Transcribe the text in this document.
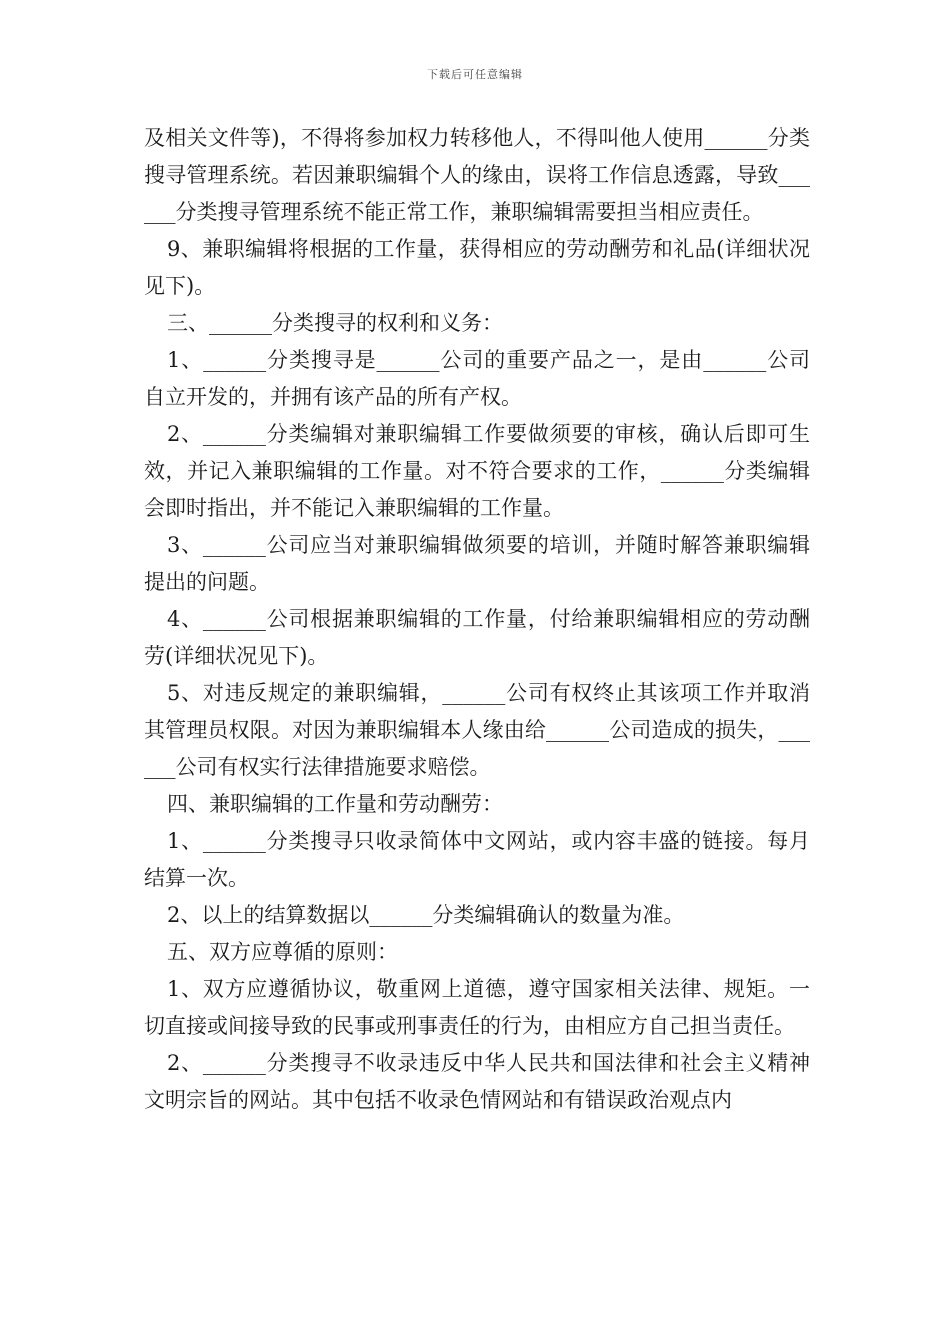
下载后可任意编辑

及相关文件等)，不得将参加权力转移他人，不得叫他人使用______分类搜寻管理系统。若因兼职编辑个人的缘由，误将工作信息透露，导致______分类搜寻管理系统不能正常工作，兼职编辑需要担当相应责任。

9、兼职编辑将根据的工作量，获得相应的劳动酬劳和礼品(详细状况见下)。

三、______分类搜寻的权利和义务：

1、______分类搜寻是______公司的重要产品之一，是由______公司自立开发的，并拥有该产品的所有产权。

2、______分类编辑对兼职编辑工作要做须要的审核，确认后即可生效，并记入兼职编辑的工作量。对不符合要求的工作，______分类编辑会即时指出，并不能记入兼职编辑的工作量。

3、______公司应当对兼职编辑做须要的培训，并随时解答兼职编辑提出的问题。

4、______公司根据兼职编辑的工作量，付给兼职编辑相应的劳动酬劳(详细状况见下)。

5、对违反规定的兼职编辑，______公司有权终止其该项工作并取消其管理员权限。对因为兼职编辑本人缘由给______公司造成的损失，______公司有权实行法律措施要求赔偿。

四、兼职编辑的工作量和劳动酬劳：

1、______分类搜寻只收录简体中文网站，或内容丰盛的链接。每月结算一次。

2、以上的结算数据以______分类编辑确认的数量为准。

五、双方应尊循的原则：

1、双方应遵循协议，敬重网上道德，遵守国家相关法律、规矩。一切直接或间接导致的民事或刑事责任的行为，由相应方自己担当责任。

2、______分类搜寻不收录违反中华人民共和国法律和社会主义精神文明宗旨的网站。其中包括不收录色情网站和有错误政治观点内
